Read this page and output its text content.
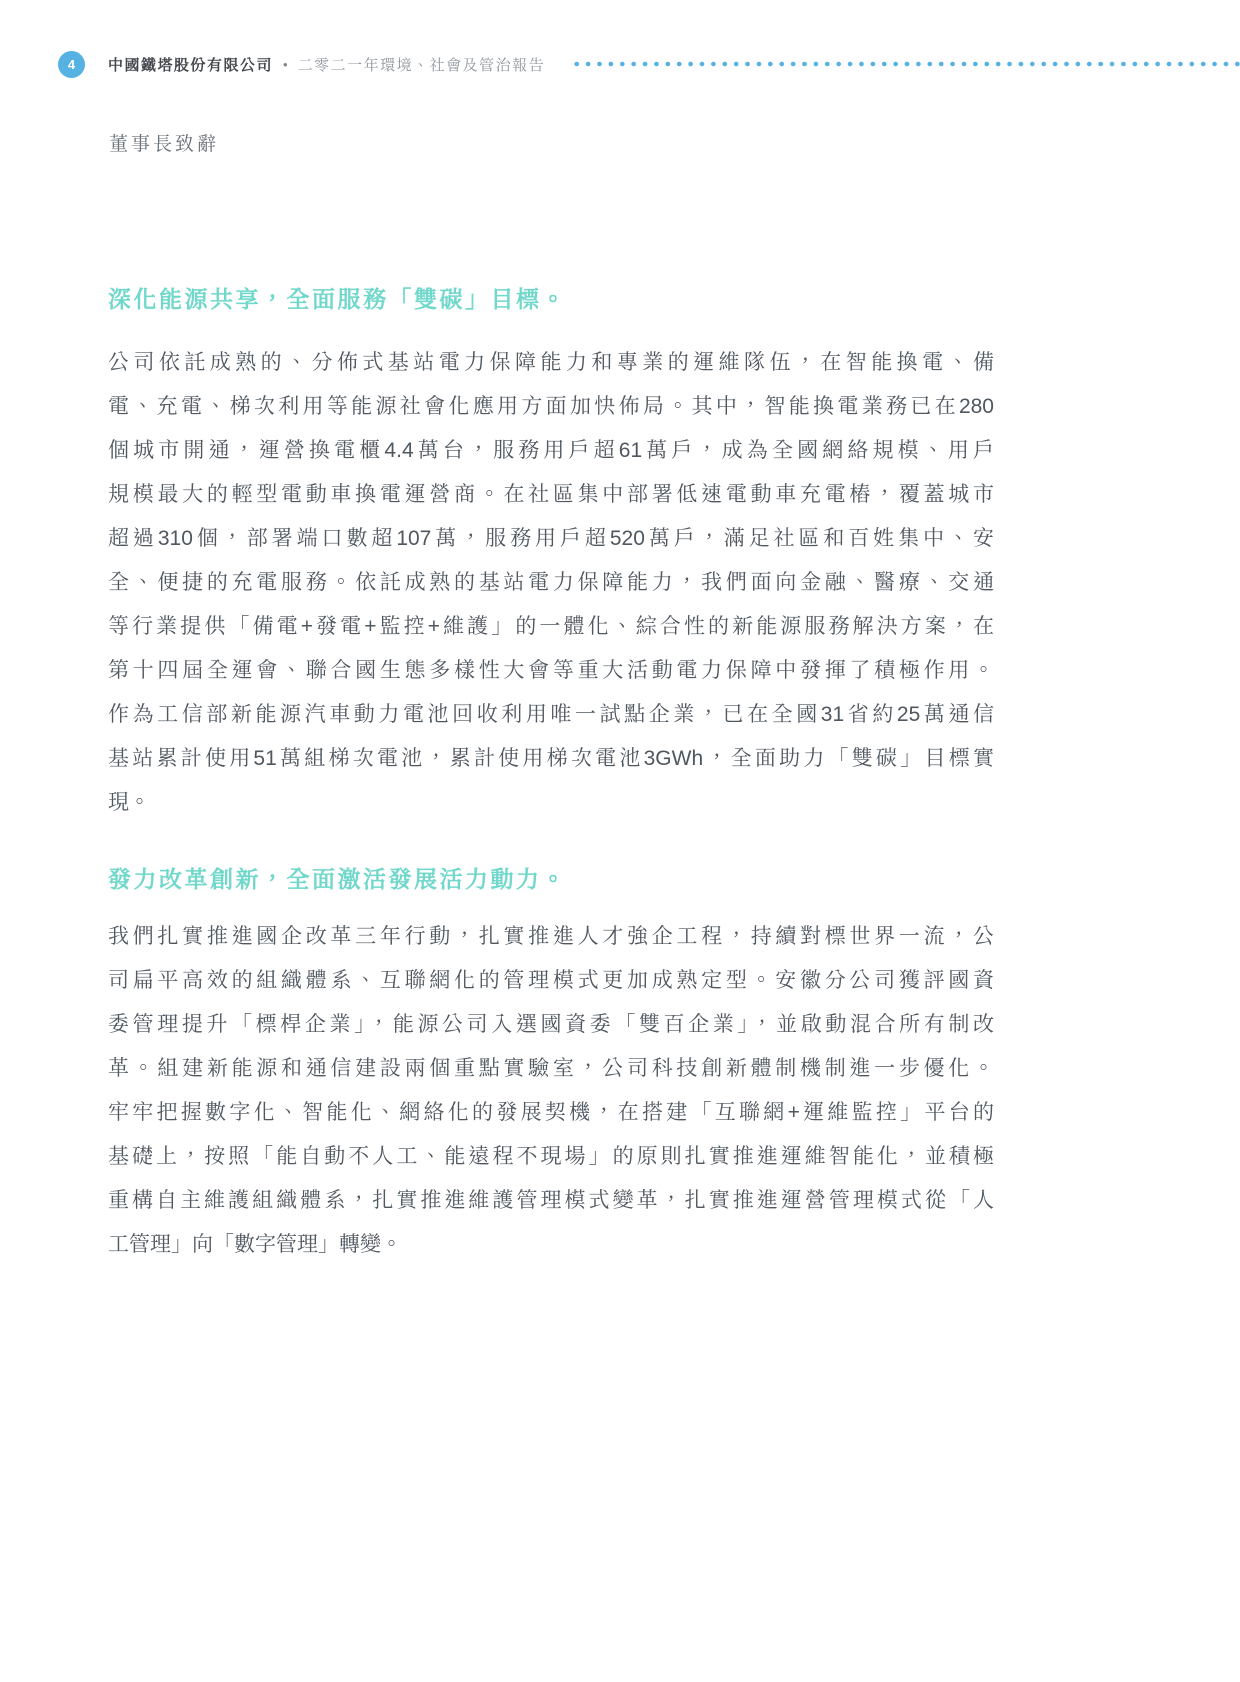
4	中國鐵塔股份有限公司 • 二零二一年環境、社會及管治報告
董事長致辭
深化能源共享，全面服務「雙碳」目標。
公司依託成熟的、分佈式基站電力保障能力和專業的運維隊伍，在智能換電、備
電、充電、梯次利用等能源社會化應用方面加快佈局。其中，智能換電業務已在280
個城市開通，運營換電櫃4.4萬台，服務用戶超61萬戶，成為全國網絡規模、用戶
規模最大的輕型電動車換電運營商。在社區集中部署低速電動車充電樁，覆蓋城市
超過310個，部署端口數超107萬，服務用戶超520萬戶，滿足社區和百姓集中、安
全、便捷的充電服務。依託成熟的基站電力保障能力，我們面向金融、醫療、交通
等行業提供「備電+發電+監控+維護」的一體化、綜合性的新能源服務解決方案，在
第十四屆全運會、聯合國生態多樣性大會等重大活動電力保障中發揮了積極作用。
作為工信部新能源汽車動力電池回收利用唯一試點企業，已在全國31省約25萬通信
基站累計使用51萬組梯次電池，累計使用梯次電池3GWh，全面助力「雙碳」目標實
現。
發力改革創新，全面激活發展活力動力。
我們扎實推進國企改革三年行動，扎實推進人才強企工程，持續對標世界一流，公
司扁平高效的組織體系、互聯網化的管理模式更加成熟定型。安徽分公司獲評國資
委管理提升「標桿企業」，能源公司入選國資委「雙百企業」，並啟動混合所有制改
革。組建新能源和通信建設兩個重點實驗室，公司科技創新體制機制進一步優化。
牢牢把握數字化、智能化、網絡化的發展契機，在搭建「互聯網+運維監控」平台的
基礎上，按照「能自動不人工、能遠程不現場」的原則扎實推進運維智能化，並積極
重構自主維護組織體系，扎實推進維護管理模式變革，扎實推進運營管理模式從「人
工管理」向「數字管理」轉變。
